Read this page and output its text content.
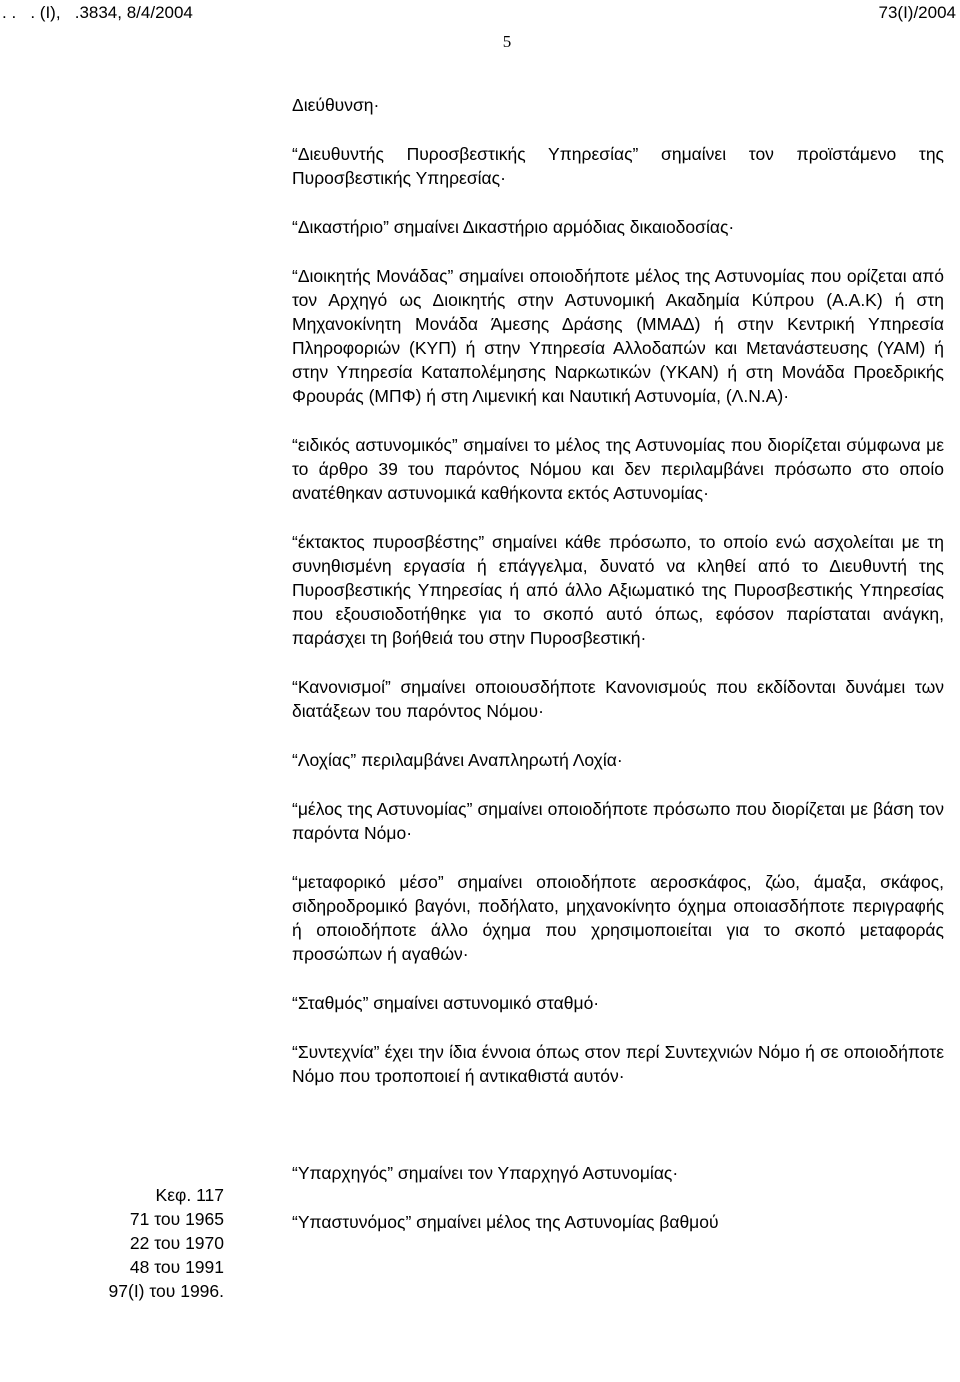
. .   . (Ι),   .3834, 8/4/2004	73(Ι)/2004
5
Διεύθυνση·

“Διευθυντής Πυροσβεστικής Υπηρεσίας” σημαίνει τον προϊστάμενο της Πυροσβεστικής Υπηρεσίας·

“Δικαστήριο” σημαίνει Δικαστήριο αρμόδιας δικαιοδοσίας·

“Διοικητής Μονάδας” σημαίνει οποιοδήποτε μέλος της Αστυνομίας που ορίζεται από τον Αρχηγό ως Διοικητής στην Αστυνομική Ακαδημία Κύπρου (Α.Α.Κ) ή στη Μηχανοκίνητη Μονάδα Άμεσης Δράσης (ΜΜΑΔ) ή στην Κεντρική Υπηρεσία Πληροφοριών (ΚΥΠ) ή στην Υπηρεσία Αλλοδαπών και Μετανάστευσης (ΥΑΜ) ή στην Υπηρεσία Καταπολέμησης Ναρκωτικών (ΥΚΑΝ) ή στη Μονάδα Προεδρικής Φρουράς (ΜΠΦ) ή στη Λιμενική και Ναυτική Αστυνομία, (Λ.Ν.Α)·

“ειδικός αστυνομικός” σημαίνει το μέλος της Αστυνομίας που διορίζεται σύμφωνα με το άρθρο 39 του παρόντος Νόμου και δεν περιλαμβάνει πρόσωπο στο οποίο ανατέθηκαν αστυνομικά καθήκοντα εκτός Αστυνομίας·

“έκτακτος πυροσβέστης” σημαίνει κάθε πρόσωπο, το οποίο ενώ ασχολείται με τη συνηθισμένη εργασία ή επάγγελμα, δυνατό να κληθεί από το Διευθυντή της Πυροσβεστικής Υπηρεσίας ή από άλλο Αξιωματικό της Πυροσβεστικής Υπηρεσίας που εξουσιοδοτήθηκε για το σκοπό αυτό όπως, εφόσον παρίσταται ανάγκη, παράσχει τη βοήθειά του στην Πυροσβεστική·

“Κανονισμοί” σημαίνει οποιουσδήποτε Κανονισμούς που εκδίδονται δυνάμει των διατάξεων του παρόντος Νόμου·

“Λοχίας” περιλαμβάνει Αναπληρωτή Λοχία·

“μέλος της Αστυνομίας” σημαίνει οποιοδήποτε πρόσωπο που διορίζεται με βάση τον παρόντα Νόμο·

“μεταφορικό μέσο” σημαίνει οποιοδήποτε αεροσκάφος, ζώο, άμαξα, σκάφος, σιδηροδρομικό βαγόνι, ποδήλατο, μηχανοκίνητο όχημα οποιασδήποτε περιγραφής ή οποιοδήποτε άλλο όχημα που χρησιμοποιείται για το σκοπό μεταφοράς προσώπων ή αγαθών·

“Σταθμός” σημαίνει αστυνομικό σταθμό·

“Συντεχνία” έχει την ίδια έννοια όπως στον περί Συντεχνιών Νόμο ή σε οποιοδήποτε Νόμο που τροποποιεί ή αντικαθιστά αυτόν·

“Υπαρχηγός” σημαίνει τον Υπαρχηγό Αστυνομίας·

“Υπαστυνόμος” σημαίνει μέλος της Αστυνομίας βαθμού

Κεφ. 117
71 του 1965
22 του 1970
48 του 1991
97(Ι) του 1996.
